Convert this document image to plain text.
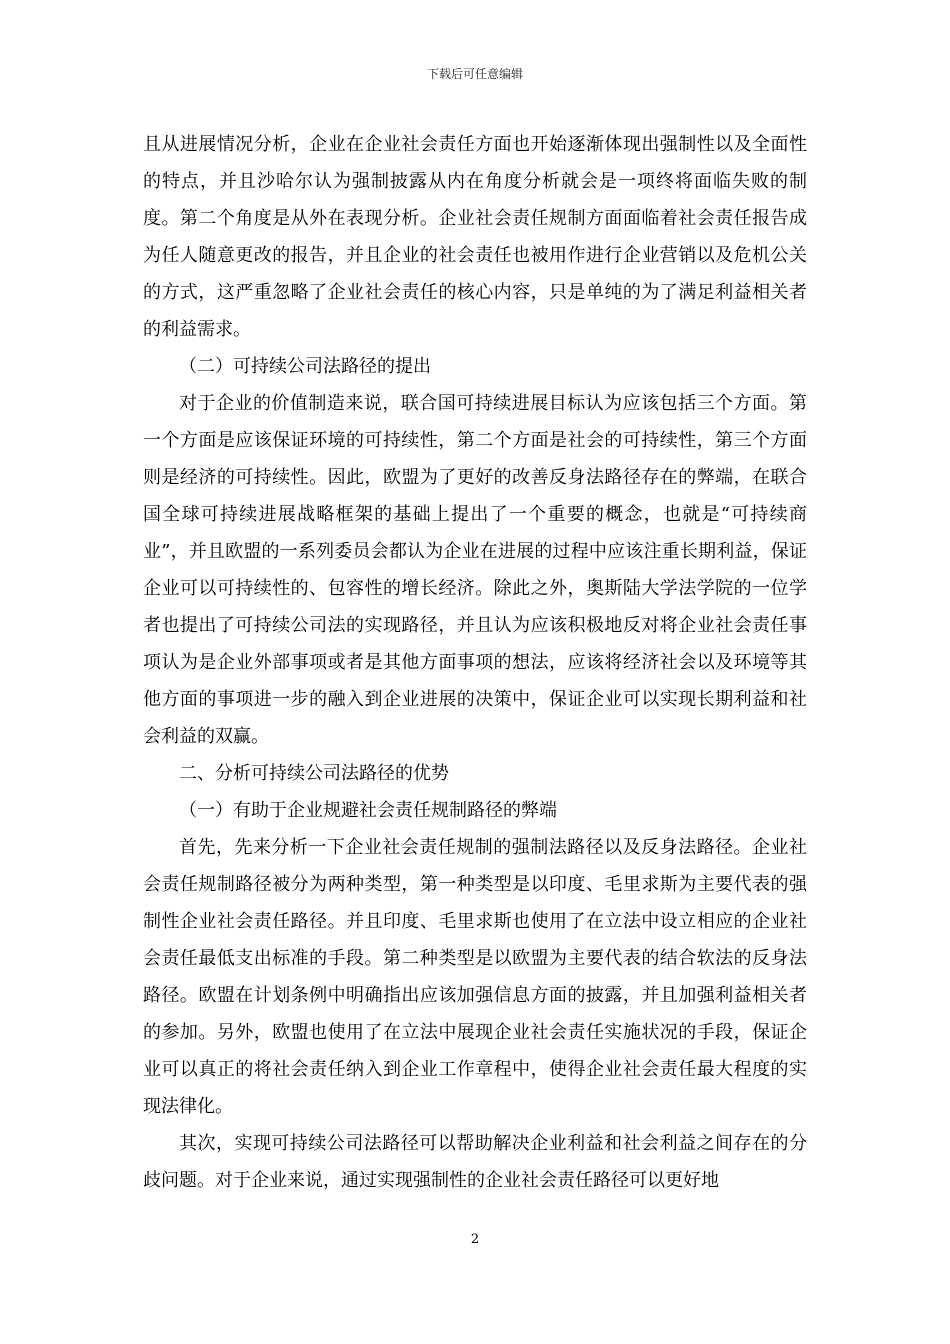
下载后可任意编辑

且从进展情况分析，企业在企业社会责任方面也开始逐渐体现出强制性以及全面性的特点，并且沙哈尔认为强制披露从内在角度分析就会是一项终将面临失败的制度。第二个角度是从外在表现分析。企业社会责任规制方面面临着社会责任报告成为任人随意更改的报告，并且企业的社会责任也被用作进行企业营销以及危机公关的方式，这严重忽略了企业社会责任的核心内容，只是单纯的为了满足利益相关者的利益需求。

（二）可持续公司法路径的提出

对于企业的价值制造来说，联合国可持续进展目标认为应该包括三个方面。第一个方面是应该保证环境的可持续性，第二个方面是社会的可持续性，第三个方面则是经济的可持续性。因此，欧盟为了更好的改善反身法路径存在的弊端，在联合国全球可持续进展战略框架的基础上提出了一个重要的概念，也就是“可持续商业”，并且欧盟的一系列委员会都认为企业在进展的过程中应该注重长期利益，保证企业可以可持续性的、包容性的增长经济。除此之外，奥斯陆大学法学院的一位学者也提出了可持续公司法的实现路径，并且认为应该积极地反对将企业社会责任事项认为是企业外部事项或者是其他方面事项的想法，应该将经济社会以及环境等其他方面的事项进一步的融入到企业进展的决策中，保证企业可以实现长期利益和社会利益的双赢。

二、分析可持续公司法路径的优势

（一）有助于企业规避社会责任规制路径的弊端

首先，先来分析一下企业社会责任规制的强制法路径以及反身法路径。企业社会责任规制路径被分为两种类型，第一种类型是以印度、毛里求斯为主要代表的强制性企业社会责任路径。并且印度、毛里求斯也使用了在立法中设立相应的企业社会责任最低支出标准的手段。第二种类型是以欧盟为主要代表的结合软法的反身法路径。欧盟在计划条例中明确指出应该加强信息方面的披露，并且加强利益相关者的参加。另外，欧盟也使用了在立法中展现企业社会责任实施状况的手段，保证企业可以真正的将社会责任纳入到企业工作章程中，使得企业社会责任最大程度的实现法律化。

其次，实现可持续公司法路径可以帮助解决企业利益和社会利益之间存在的分歧问题。对于企业来说，通过实现强制性的企业社会责任路径可以更好地

2
